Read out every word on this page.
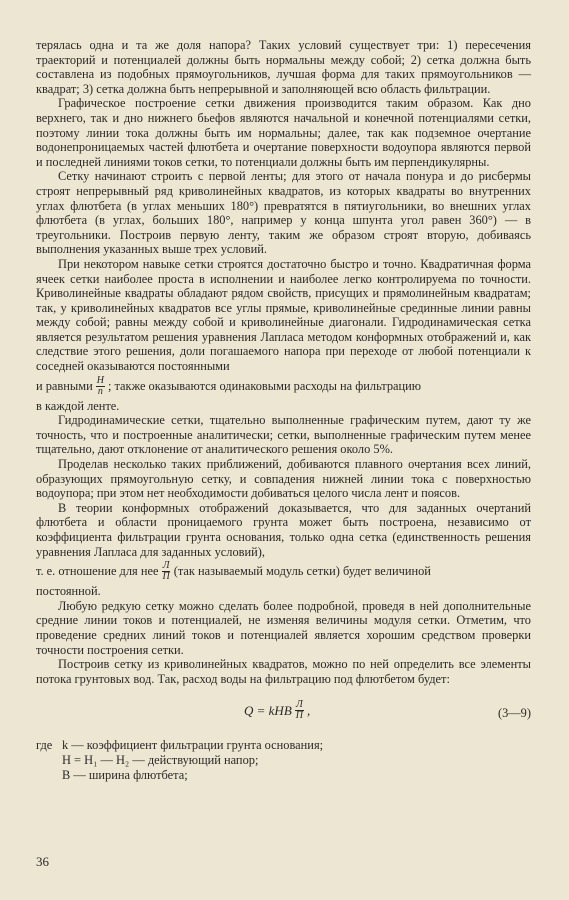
терялась одна и та же доля напора? Таких условий существует три: 1) пересечения траекторий и потенциалей должны быть нормальны между собой; 2) сетка должна быть составлена из подобных прямоугольников, лучшая форма для таких прямоугольников — квадрат; 3) сетка должна быть непрерывной и заполняющей всю область фильтрации.

Графическое построение сетки движения производится таким образом. Как дно верхнего, так и дно нижнего бьефов являются начальной и конечной потенциалями сетки, поэтому линии тока должны быть им нормальны; далее, так как подземное очертание водонепроницаемых частей флютбета и очертание поверхности водоупора являются первой и последней линиями токов сетки, то потенциали должны быть им перпендикулярны.

Сетку начинают строить с первой ленты; для этого от начала понура и до рисбермы строят непрерывный ряд криволинейных квадратов, из которых квадраты во внутренних углах флютбета (в углах меньших 180°) превратятся в пятиугольники, во внешних углах флютбета (в углах, больших 180°, например у конца шпунта угол равен 360°) — в треугольники. Построив первую ленту, таким же образом строят вторую, добиваясь выполнения указанных выше трех условий.

При некотором навыке сетки строятся достаточно быстро и точно. Квадратичная форма ячеек сетки наиболее проста в исполнении и наиболее легко контролируема по точности. Криволинейные квадраты обладают рядом свойств, присущих и прямолинейным квадратам; так, у криволинейных квадратов все углы прямые, криволинейные срединные линии равны между собой; равны между собой и криволинейные диагонали. Гидродинамическая сетка является результатом решения уравнения Лапласа методом конформных отображений и, как следствие этого решения, доли погашаемого напора при переходе от любой потенциали к соседней оказываются постоянными

и равными $\frac{H}{n}$ ; также оказываются одинаковыми расходы на фильтрацию

в каждой ленте.

Гидродинамические сетки, тщательно выполненные графическим путем, дают ту же точность, что и построенные аналитически; сетки, выполненные графическим путем менее тщательно, дают отклонение от аналитического решения около 5%.

Проделав несколько таких приближений, добиваются плавного очертания всех линий, образующих прямоугольную сетку, и совпадения нижней линии тока с поверхностью водоупора; при этом нет необходимости добиваться целого числа лент и поясов.

В теории конформных отображений доказывается, что для заданных очертаний флютбета и области проницаемого грунта может быть построена, независимо от коэффициента фильтрации грунта основания, только одна сетка (единственность решения уравнения Лапласа для заданных условий),

т. е. отношение для нее $\frac{Л}{П} (так$ называемый модуль сетки) будет величиной

постоянной.

Любую редкую сетку можно сделать более подробной, проведя в ней дополнительные средние линии токов и потенциалей, не изменяя величины модуля сетки. Отметим, что проведение средних линий токов и потенциалей является хорошим средством проверки точности построения сетки.

Построив сетку из криволинейных квадратов, можно по ней определить все элементы потока грунтовых вод. Так, расход воды на фильтрацию под флютбетом будет:

Q = kHB $\frac{Л}{П}$ ,	(3—9)
где k — коэффициент фильтрации грунта основания;
H = H₁ — H₂ — действующий напор;
B — ширина флютбета;
36
